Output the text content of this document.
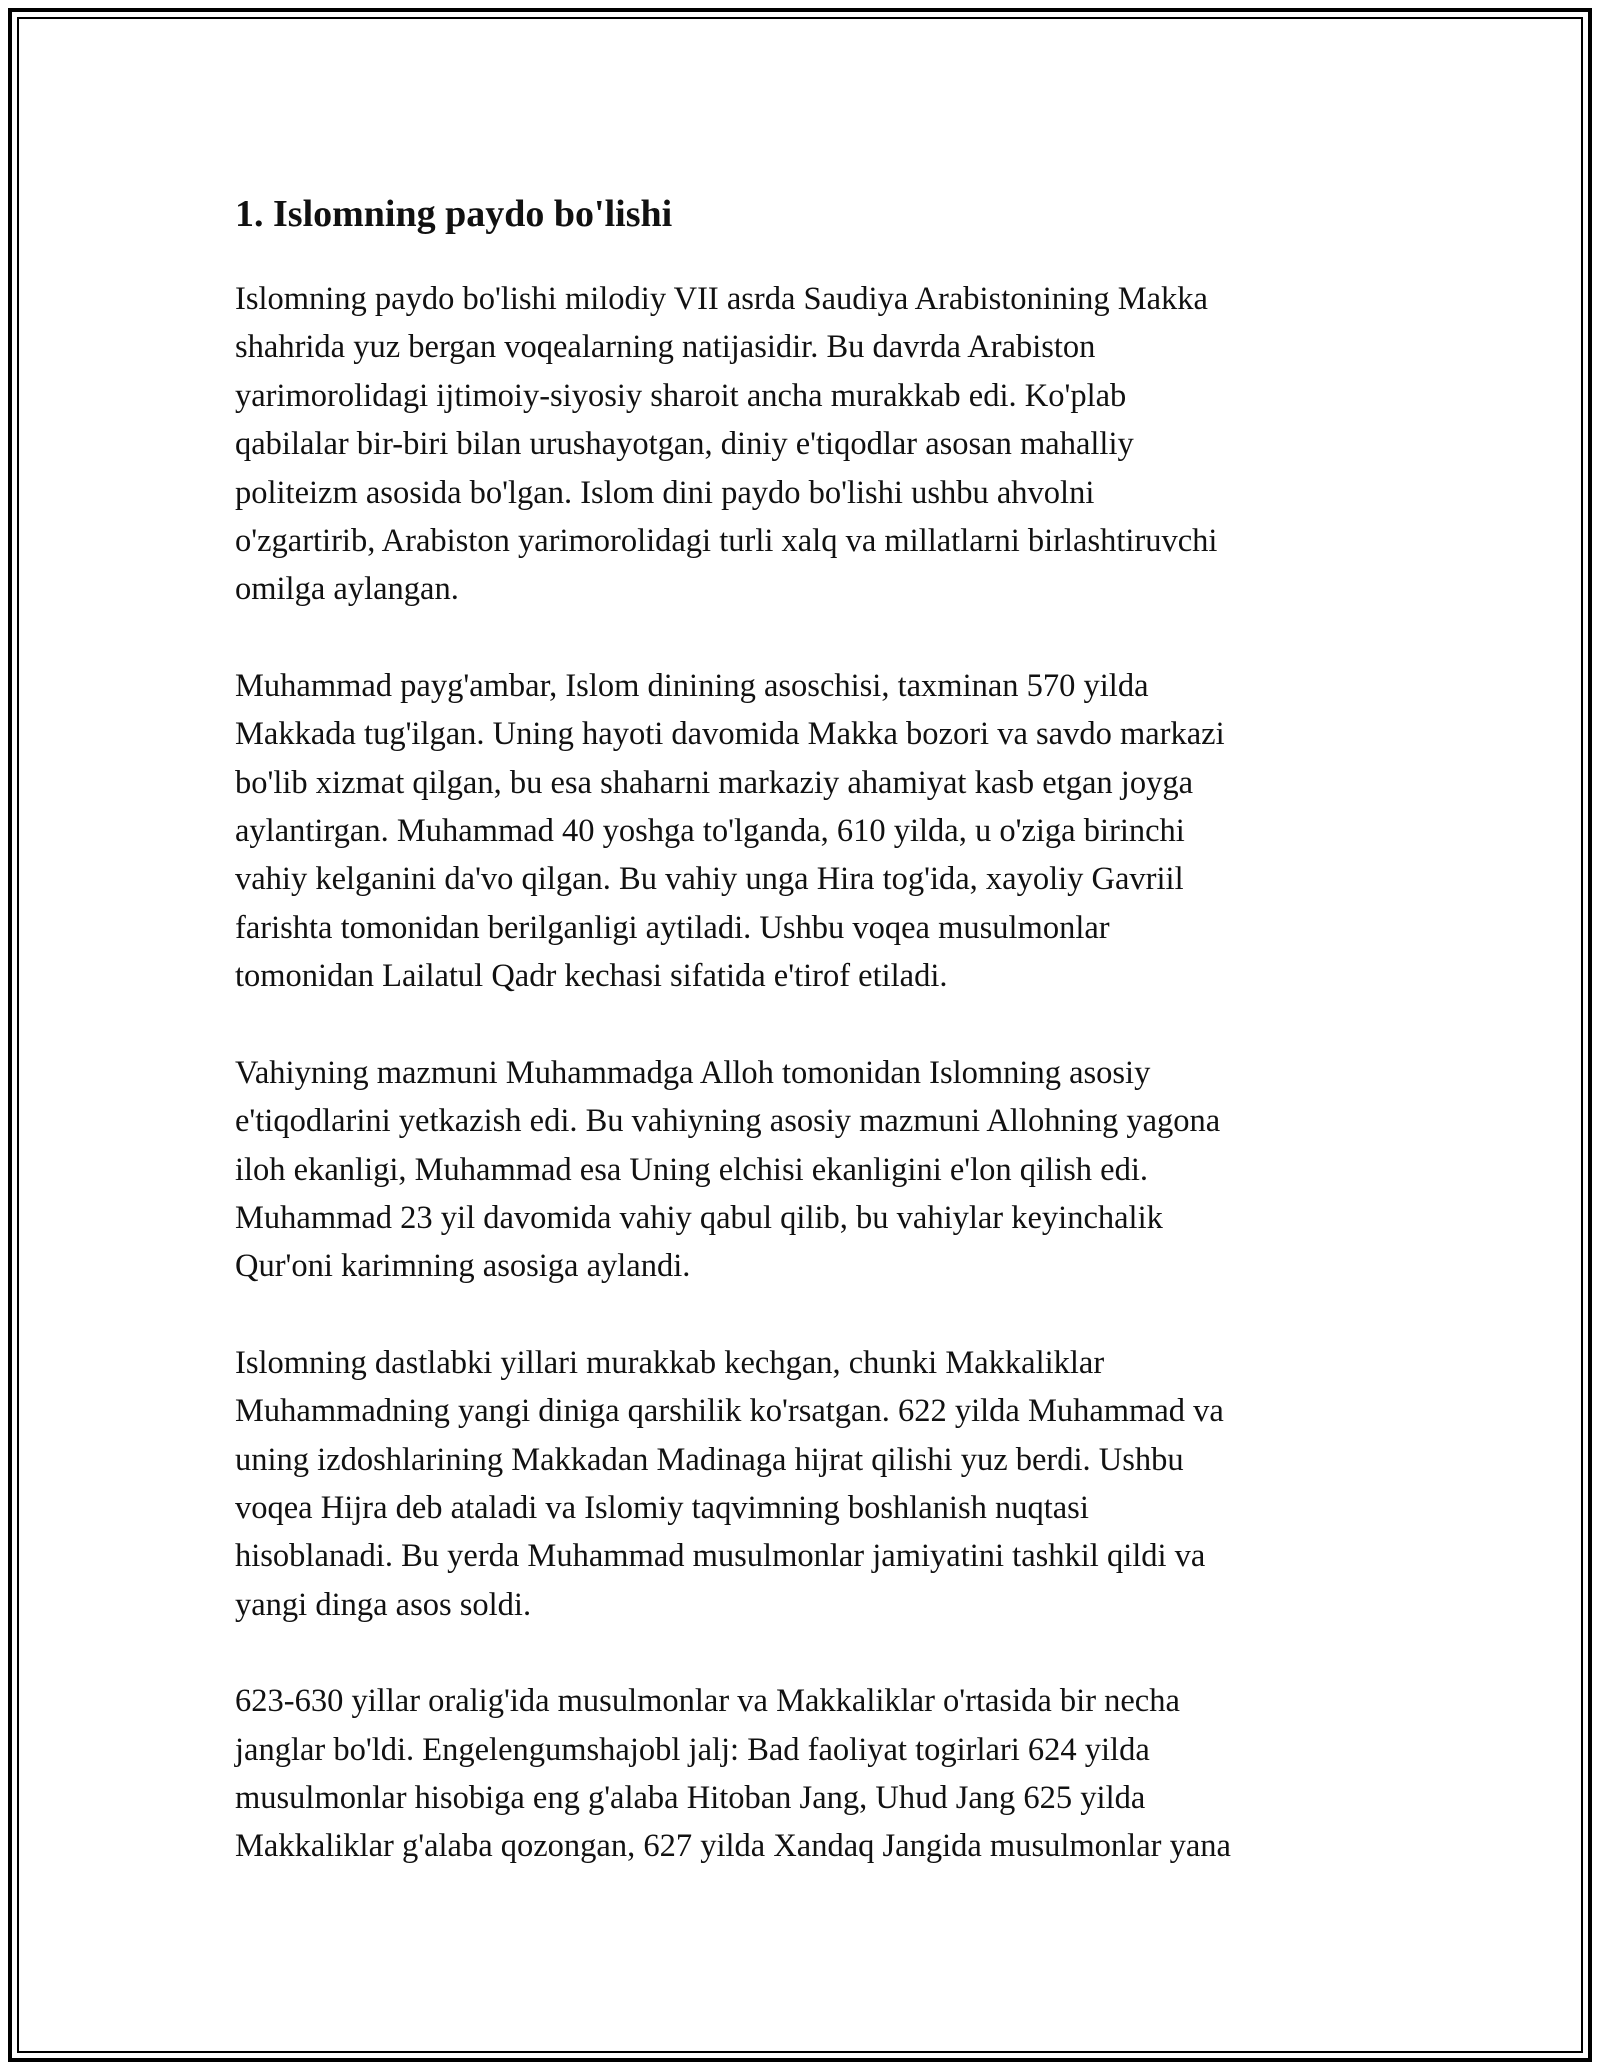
1. Islomning paydo bo'lishi

Islomning paydo bo'lishi milodiy VII asrda Saudiya Arabistonining Makka
shahrida yuz bergan voqealarning natijasidir. Bu davrda Arabiston
yarimorolidagi ijtimoiy-siyosiy sharoit ancha murakkab edi. Ko'plab
qabilalar bir-biri bilan urushayotgan, diniy e'tiqodlar asosan mahalliy
politeizm asosida bo'lgan. Islom dini paydo bo'lishi ushbu ahvolni
o'zgartirib, Arabiston yarimorolidagi turli xalq va millatlarni birlashtiruvchi
omilga aylangan.

Muhammad payg'ambar, Islom dinining asoschisi, taxminan 570 yilda
Makkada tug'ilgan. Uning hayoti davomida Makka bozori va savdo markazi
bo'lib xizmat qilgan, bu esa shaharni markaziy ahamiyat kasb etgan joyga
aylantirgan. Muhammad 40 yoshga to'lganda, 610 yilda, u o'ziga birinchi
vahiy kelganini da'vo qilgan. Bu vahiy unga Hira tog'ida, xayoliy Gavriil
farishta tomonidan berilganligi aytiladi. Ushbu voqea musulmonlar
tomonidan Lailatul Qadr kechasi sifatida e'tirof etiladi.

Vahiyning mazmuni Muhammadga Alloh tomonidan Islomning asosiy
e'tiqodlarini yetkazish edi. Bu vahiyning asosiy mazmuni Allohning yagona
iloh ekanligi, Muhammad esa Uning elchisi ekanligini e'lon qilish edi.
Muhammad 23 yil davomida vahiy qabul qilib, bu vahiylar keyinchalik
Qur'oni karimning asosiga aylandi.

Islomning dastlabki yillari murakkab kechgan, chunki Makkaliklar
Muhammadning yangi diniga qarshilik ko'rsatgan. 622 yilda Muhammad va
uning izdoshlarining Makkadan Madinaga hijrat qilishi yuz berdi. Ushbu
voqea Hijra deb ataladi va Islomiy taqvimning boshlanish nuqtasi
hisoblanadi. Bu yerda Muhammad musulmonlar jamiyatini tashkil qildi va
yangi dinga asos soldi.

623-630 yillar oralig'ida musulmonlar va Makkaliklar o'rtasida bir necha
janglar bo'ldi. Engelengumshajobl jalj: Bad faoliyat togirlari 624 yilda
musulmonlar hisobiga eng g'alaba Hitoban Jang, Uhud Jang 625 yilda
Makkaliklar g'alaba qozongan, 627 yilda Xandaq Jangida musulmonlar yana
